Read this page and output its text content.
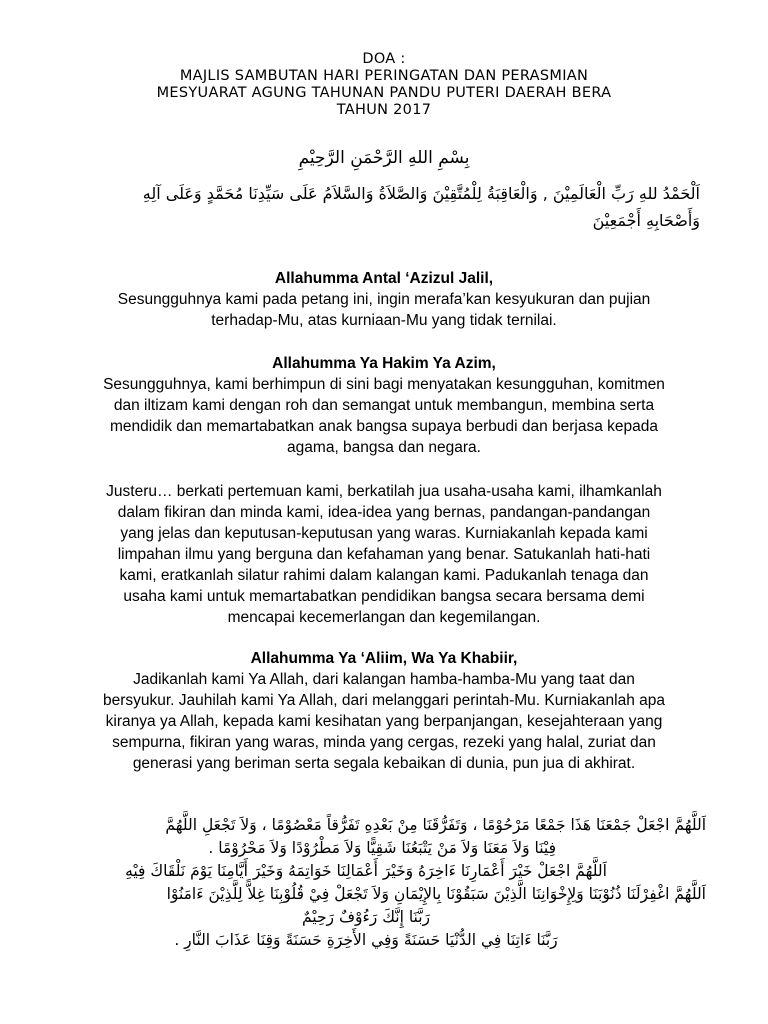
DOA :
MAJLIS SAMBUTAN HARI PERINGATAN DAN PERASMIAN
MESYUARAT AGUNG TAHUNAN PANDU PUTERI DAERAH BERA
TAHUN 2017
بِسْمِ اللهِ الرَّحْمَنِ الرَّحِيْمِ
اَلْحَمْدُ للهِ رَبِّ الْعَالَمِيْنَ , وَالْعَاقِبَةُ لِلْمُتَّقِيْنَ وَالصَّلاَةُ وَالسَّلاَمُ عَلَى سَيِّدِنَا مُحَمَّدٍ وَعَلَى آلِهِ
وَأَصْحَابِهِ أَجْمَعِيْنَ
Allahumma Antal ‘Azizul Jalil,
Sesungguhnya kami pada petang ini, ingin merafa’kan kesyukuran dan pujian
terhadap-Mu, atas kurniaan-Mu yang tidak ternilai.
Allahumma Ya Hakim Ya Azim,
Sesungguhnya, kami berhimpun di sini bagi menyatakan kesungguhan, komitmen
dan iltizam kami dengan roh dan semangat untuk membangun, membina serta
mendidik dan memartabatkan anak bangsa supaya berbudi dan berjasa kepada
agama, bangsa dan negara.
Justeru… berkati pertemuan kami, berkatilah jua usaha-usaha kami, ilhamkanlah
dalam fikiran dan minda kami, idea-idea yang bernas, pandangan-pandangan
yang jelas dan keputusan-keputusan yang waras. Kurniakanlah kepada kami
limpahan ilmu yang berguna dan kefahaman yang benar. Satukanlah hati-hati
kami, eratkanlah silatur rahimi dalam kalangan kami. Padukanlah tenaga dan
usaha kami untuk memartabatkan pendidikan bangsa secara bersama demi
mencapai kecemerlangan dan kegemilangan.
Allahumma Ya ‘Aliim, Wa Ya Khabiir,
Jadikanlah kami Ya Allah, dari kalangan hamba-hamba-Mu yang taat dan
bersyukur. Jauhilah kami Ya Allah, dari melanggari perintah-Mu. Kurniakanlah apa
kiranya ya Allah, kepada kami kesihatan yang berpanjangan, kesejahteraan yang
sempurna, fikiran yang waras, minda yang cergas, rezeki yang halal, zuriat dan
generasi yang beriman serta segala kebaikan di dunia, pun jua di akhirat.
اَللَّهُمَّ اجْعَلْ جَمْعَنَا هَذَا جَمْعًا مَرْحُوْمًا ، وَتَفَرُّقَنَا مِنْ بَعْدِهِ تَفَرُّقاً مَعْصُوْمًا ، وَلاَ تَجْعَلِ اللَّهُمَّ
فِيْنَا وَلاَ مَعَنَا وَلاَ مَنْ يَتْبَعُنَا شَقِيًّا وَلاَ مَطْرُوْدًا وَلاَ مَحْرُوْمًا .
اَللَّهُمَّ اجْعَلْ خَيْرَ أَعْمَارِنَا ءَاخِرَهُ وَخَيْرَ أَعْمَالِنَا خَوَاتِمَهُ وَخَيْرَ أَيَّامِنَا يَوْمَ نَلْقَاكَ فِيْهِ
اَللَّهُمَّ اغْفِرْلَنَا ذُنُوْبَنَا وَلِإِخْوَانِنَا الَّذِيْنَ سَبَقُوْنَا بِالإِيْمَانِ وَلاَ تَجْعَلْ فِيْ قُلُوْبِنَا غِلاًّ لِلَّذِيْنَ ءَامَنُوْا
رَبَّنَا إِنَّكَ رَءُوْفٌ رَحِيْمٌ
رَبَّنَا ءَاتِنَا فِي الدُّنْيَا حَسَنَةً وَفِي الأَخِرَةِ حَسَنَةً وَقِنَا عَذَابَ النَّارِ .
